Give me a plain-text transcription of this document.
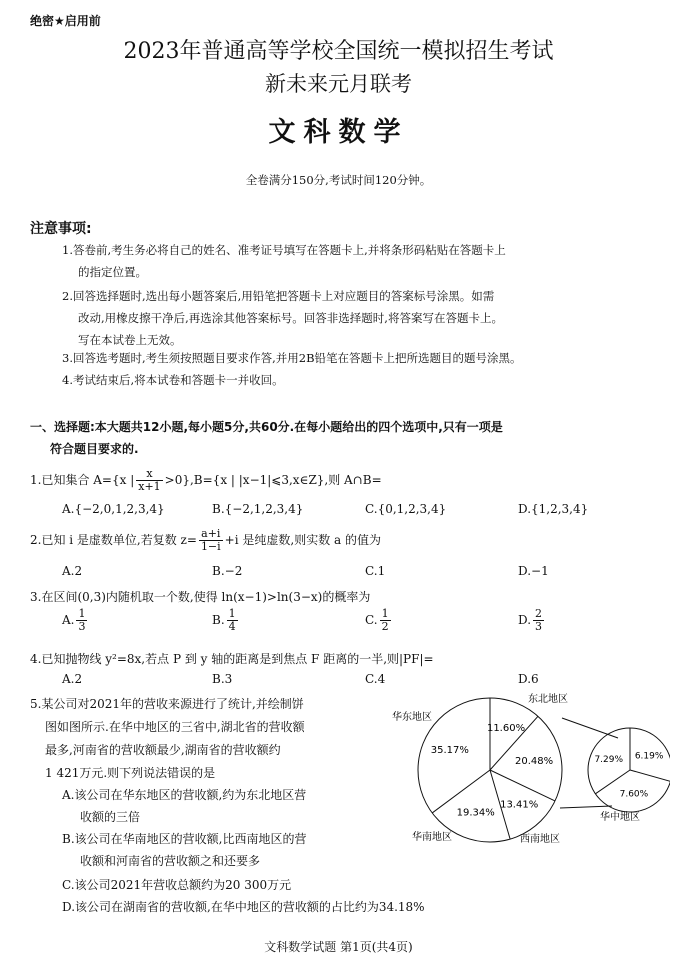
绝密★启用前
2023年普通高等学校全国统一模拟招生考试
新未来元月联考
文科数学
全卷满分150分,考试时间120分钟。
注意事项:
1.答卷前,考生务必将自己的姓名、准考证号填写在答题卡上,并将条形码粘贴在答题卡上
的指定位置。
2.回答选择题时,选出每小题答案后,用铅笔把答题卡上对应题目的答案标号涂黑。如需
改动,用橡皮擦干净后,再选涂其他答案标号。回答非选择题时,将答案写在答题卡上。
写在本试卷上无效。
3.回答选考题时,考生须按照题目要求作答,并用2B铅笔在答题卡上把所选题目的题号涂黑。
4.考试结束后,将本试卷和答题卡一并收回。
一、选择题:本大题共12小题,每小题5分,共60分.在每小题给出的四个选项中,只有一项是
符合题目要求的.
1.已知集合 A={x | $\frac{x}{x+1} >0\},B=\{x$ | |x−1|⩽3,x∈Z},则 A∩B=
A.{−2,0,1,2,3,4}	B.{−2,1,2,3,4}	C.{0,1,2,3,4}	D.{1,2,3,4}
2.已知 i 是虚数单位,若复数 $z= \frac{a+i}{1-i} +i$ 是纯虚数,则实数 a 的值为
A.2	B.−2	C.1	D.−1
3.在区间(0,3)内随机取一个数,使得 ln(x−1)>ln(3−x)的概率为
A. $\frac{1}{3}$	B. $\frac{1}{4}$	C. $\frac{1}{2}$	D. $\frac{2}{3}$
4.已知抛物线 y²=8x,若点 P 到 y 轴的距离是到焦点 F 距离的一半,则|PF|=
A.2	B.3	C.4	D.6
5.某公司对2021年的营收来源进行了统计,并绘制饼
图如图所示.在华中地区的三省中,湖北省的营收额
最多,河南省的营收额最少,湖南省的营收额约
1 421万元.则下列说法错误的是
A.该公司在华东地区的营收额,约为东北地区营
收额的三倍
B.该公司在华南地区的营收额,比西南地区的营
收额和河南省的营收额之和还要多
C.该公司2021年营收总额约为20 300万元
D.该公司在湖南省的营收额,在华中地区的营收额的占比约为34.18%
11.60%
20.48%
13.41%
19.34%
35.17%
6.19%
7.60%
7.29%
华东地区
东北地区
华南地区	西南地区
华中地区
文科数学试题 第1页(共4页)
